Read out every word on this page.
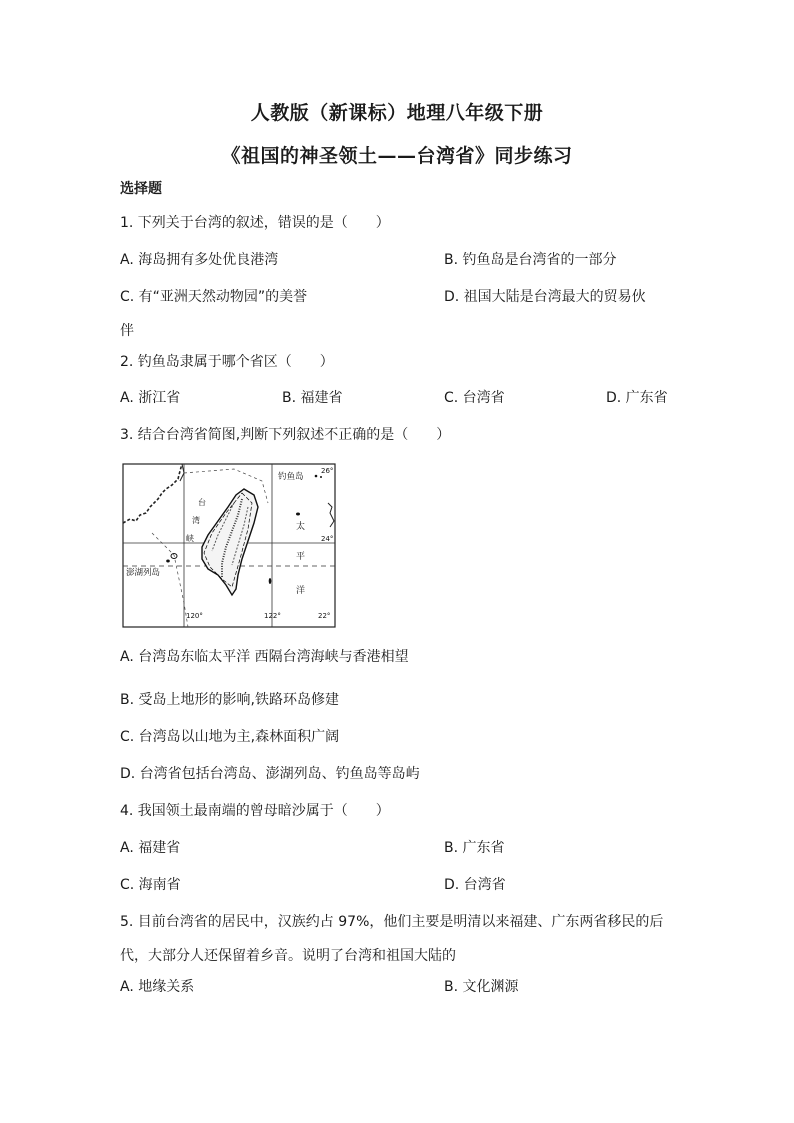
人教版（新课标）地理八年级下册
《祖国的神圣领土——台湾省》同步练习
选择题
1. 下列关于台湾的叙述，错误的是（　　）
A. 海岛拥有多处优良港湾	B. 钓鱼岛是台湾省的一部分
C. 有“亚洲天然动物园”的美誉	D. 祖国大陆是台湾最大的贸易伙
伴
2. 钓鱼岛隶属于哪个省区（　　）
A. 浙江省	B. 福建省	C. 台湾省	D. 广东省
3. 结合台湾省简图,判断下列叙述不正确的是（　　）
钓鱼岛
26°
24°
22°
120°	122°
澎湖列岛
台
湾
峡
太
平
洋
A. 台湾岛东临太平洋 西隔台湾海峡与香港相望
B. 受岛上地形的影响,铁路环岛修建
C. 台湾岛以山地为主,森林面积广阔
D. 台湾省包括台湾岛、澎湖列岛、钓鱼岛等岛屿
4. 我国领土最南端的曾母暗沙属于（　　）
A. 福建省	B. 广东省
C. 海南省	D. 台湾省
5. 目前台湾省的居民中，汉族约占 97%，他们主要是明清以来福建、广东两省移民的后
代，大部分人还保留着乡音。说明了台湾和祖国大陆的
A. 地缘关系	B. 文化渊源
